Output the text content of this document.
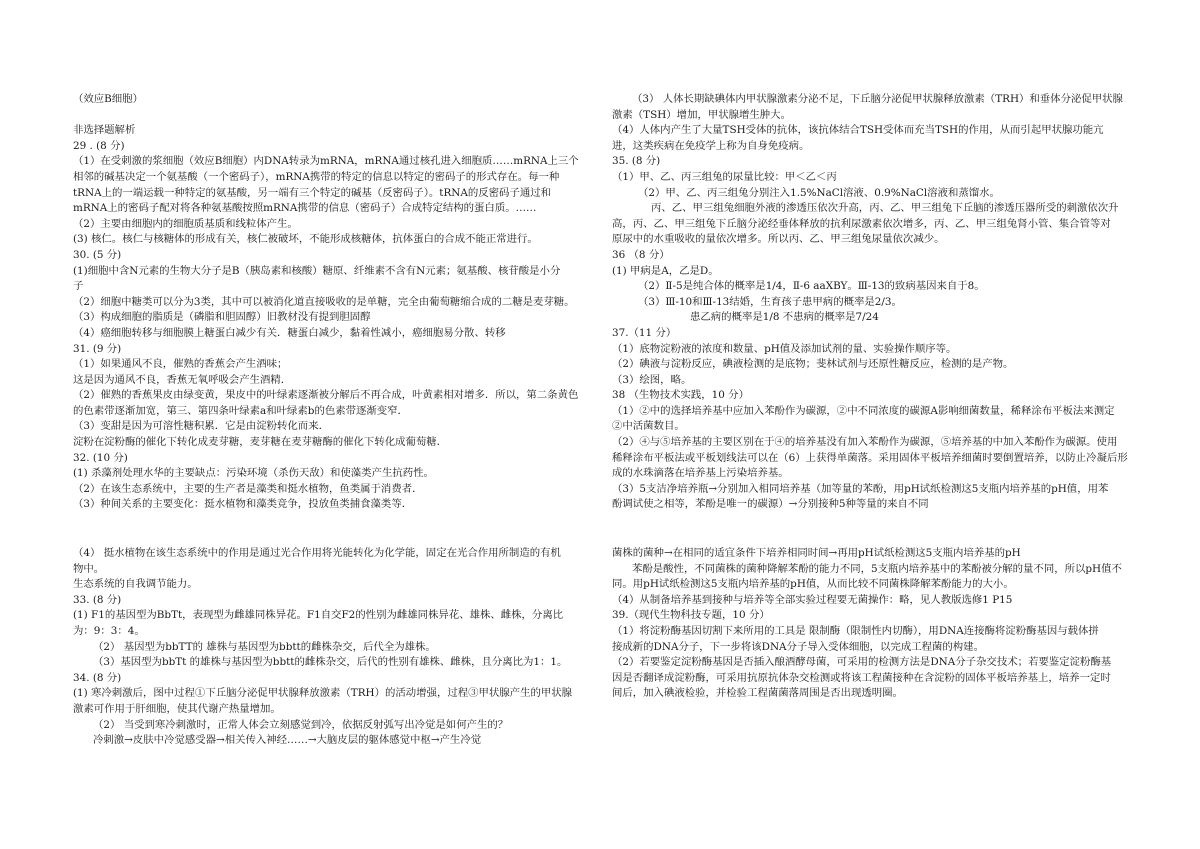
（效应B细胞）

非选择题解析

29 . (8 分)

（1）在受刺激的浆细胞（效应B细胞）内DNA转录为mRNA，mRNA通过核孔进入细胞质……mRNA上三个

相邻的碱基决定一个氨基酸（一个密码子），mRNA携带的特定的信息以特定的密码子的形式存在。每一种

tRNA上的一端运载一种特定的氨基酸，另一端有三个特定的碱基（反密码子）。tRNA的反密码子通过和

mRNA上的密码子配对将各种氨基酸按照mRNA携带的信息（密码子）合成特定结构的蛋白质。……

（2）主要由细胞内的细胞质基质和线粒体产生。

(3) 核仁。核仁与核糖体的形成有关，核仁被破坏，不能形成核糖体，抗体蛋白的合成不能正常进行。

30. (5 分)

(1)细胞中含N元素的生物大分子是B（胰岛素和核酸）糖原、纤维素不含有N元素；氨基酸、核苷酸是小分

子

（2）细胞中糖类可以分为3类，其中可以被消化道直接吸收的是单糖，完全由葡萄糖缩合成的二糖是麦芽糖。

（3）构成细胞的脂质是（磷脂和胆固醇）旧教材没有提到胆固醇

（4）癌细胞转移与细胞膜上糖蛋白减少有关．糖蛋白减少，黏着性减小，癌细胞易分散、转移

31. (9 分)

（1）如果通风不良，催熟的香蕉会产生酒味；

这是因为通风不良，香蕉无氧呼吸会产生酒精．

（2）催熟的香蕉果皮由绿变黄，果皮中的叶绿素逐渐被分解后不再合成，叶黄素相对增多．所以，第二条黄色

的色素带逐渐加宽，第三、第四条叶绿素a和叶绿素b的色素带逐渐变窄．

（3）变甜是因为可溶性糖积累．它是由淀粉转化而来．

淀粉在淀粉酶的催化下转化成麦芽糖，麦芽糖在麦芽糖酶的催化下转化成葡萄糖．

32. (10 分)

(1) 杀藻剂处理水华的主要缺点：污染环境（杀伤天敌）和使藻类产生抗药性。

（2）在该生态系统中，主要的生产者是藻类和挺水植物，鱼类属于消费者．

（3）种间关系的主要变化：挺水植物和藻类竞争，投放鱼类捕食藻类等．

（3） 人体长期缺碘体内甲状腺激素分泌不足，下丘脑分泌促甲状腺释放激素（TRH）和垂体分泌促甲状腺

激素（TSH）增加，甲状腺增生肿大。

（4）人体内产生了大量TSH受体的抗体，该抗体结合TSH受体而充当TSH的作用，从而引起甲状腺功能亢

进，这类疾病在免疫学上称为自身免疫病。

35. (8 分)

（1）甲、乙、丙三组兔的尿量比较：甲＜乙＜丙

（2）甲、乙、丙三组兔分别注入1.5%NaCl溶液、0.9%NaCl溶液和蒸馏水。

丙、乙、甲三组兔细胞外液的渗透压依次升高，丙、乙、甲三组兔下丘脑的渗透压器所受的刺激依次升

高，丙、乙、甲三组兔下丘脑分泌经垂体释放的抗利尿激素依次增多，丙、乙、甲三组兔肾小管、集合管等对

原尿中的水重吸收的量依次增多。所以丙、乙、甲三组兔尿量依次减少。

36 （8 分）

(1) 甲病是A，乙是D。

（2）Ⅱ-5是纯合体的概率是1/4，Ⅱ-6 aaXBY。Ⅲ-13的致病基因来自于8。

（3）Ⅲ-10和Ⅲ-13结婚，生育孩子患甲病的概率是2/3。

患乙病的概率是1/8 不患病的概率是7/24

37.（11 分）

（1）底物淀粉液的浓度和数量、pH值及添加试剂的量、实验操作顺序等。

（2）碘液与淀粉反应，碘液检测的是底物；斐林试剂与还原性糖反应，检测的是产物。

（3）绘图，略。

38 （生物技术实践，10 分）

（1）②中的选择培养基中应加入苯酚作为碳源，②中不同浓度的碳源A影响细菌数量，稀释涂布平板法来测定

②中活菌数目。

（2）④与⑤培养基的主要区别在于④的培养基没有加入苯酚作为碳源，⑤培养基的中加入苯酚作为碳源。使用

稀释涂布平板法或平板划线法可以在（6）上获得单菌落。采用固体平板培养细菌时要倒置培养，以防止冷凝后形

成的水珠滴落在培养基上污染培养基。

（3）5支洁净培养瓶→分别加入相同培养基（加等量的苯酚，用pH试纸检测这5支瓶内培养基的pH值，用苯

酚调试使之相等，苯酚是唯一的碳源）→分别接种5种等量的来自不同

（4） 挺水植物在该生态系统中的作用是通过光合作用将光能转化为化学能，固定在光合作用所制造的有机

物中。

生态系统的自我调节能力。

33. (8 分)

(1) F1的基因型为BbTt，表现型为雌雄同株异花。F1自交F2的性别为雌雄同株异花、雄株、雌株，分离比

为：9：3：4。

（2） 基因型为bbTT的 雄株与基因型为bbtt的雌株杂交，后代全为雄株。

（3）基因型为bbTt 的雄株与基因型为bbtt的雌株杂交，后代的性别有雄株、雌株，且分离比为1：1。

34. (8 分)

(1) 寒冷刺激后，图中过程①下丘脑分泌促甲状腺释放激素（TRH）的活动增强，过程③甲状腺产生的甲状腺

激素可作用于肝细胞，使其代谢产热量增加。

（2） 当受到寒冷刺激时，正常人体会立刻感觉到冷，依据反射弧写出冷觉是如何产生的？

冷刺激→皮肤中冷觉感受器→相关传入神经……→大脑皮层的躯体感觉中枢→产生冷觉

菌株的菌种→在相同的适宜条件下培养相同时间→再用pH试纸检测这5支瓶内培养基的pH

苯酚是酸性，不同菌株的菌种降解苯酚的能力不同，5支瓶内培养基中的苯酚被分解的量不同，所以pH值不

同。用pH试纸检测这5支瓶内培养基的pH值，从而比较不同菌株降解苯酚能力的大小。

（4）从制备培养基到接种与培养等全部实验过程要无菌操作：略，见人教版选修1 P15

39.（现代生物科技专题，10 分）

（1）将淀粉酶基因切割下来所用的工具是 限制酶（限制性内切酶），用DNA连接酶将淀粉酶基因与载体拼

接成新的DNA分子，下一步将该DNA分子导入受体细胞，以完成工程菌的构建。

（2）若要鉴定淀粉酶基因是否插入酿酒酵母菌，可采用的检测方法是DNA分子杂交技术；若要鉴定淀粉酶基

因是否翻译成淀粉酶，可采用抗原抗体杂交检测或将该工程菌接种在含淀粉的固体平板培养基上，培养一定时

间后，加入碘液检验，并检验工程菌菌落周围是否出现透明圈。
